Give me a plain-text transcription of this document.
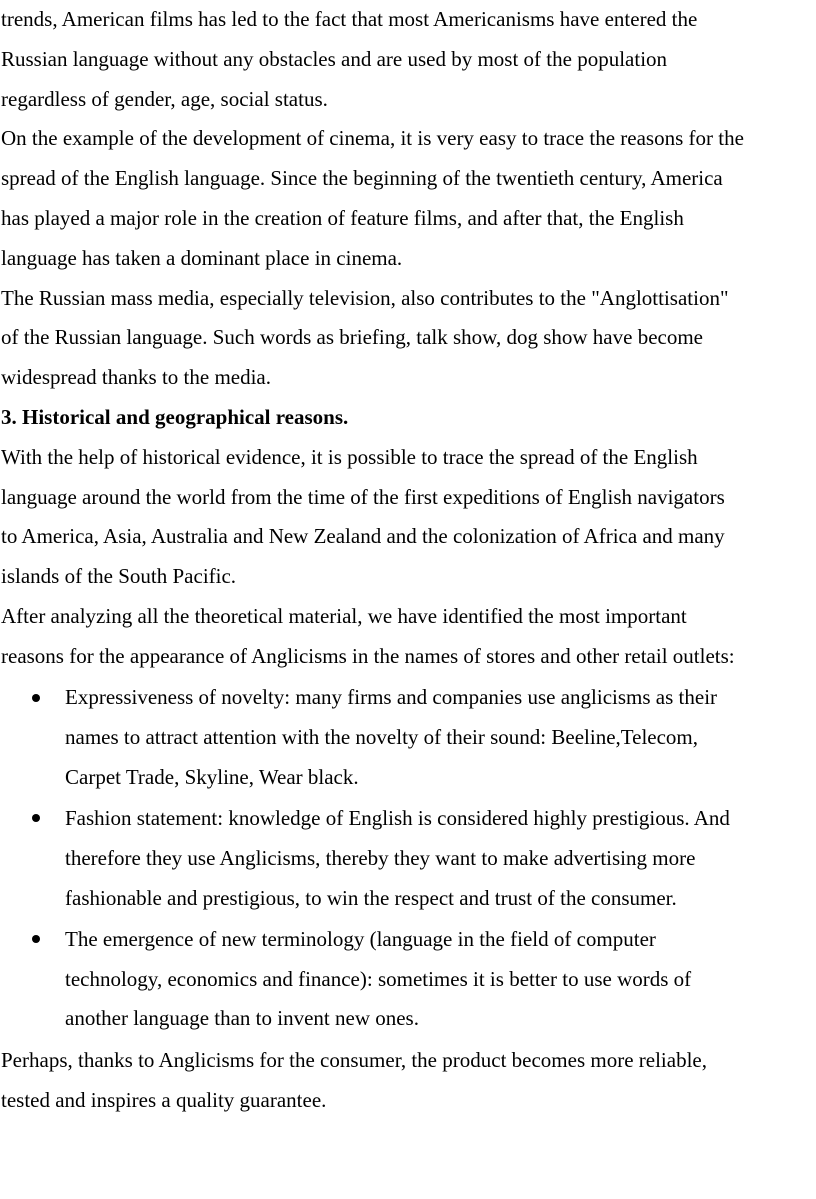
trends, American films has led to the fact that most Americanisms have entered the
Russian language without any obstacles and are used by most of the population
regardless of gender, age, social status.
On the example of the development of cinema, it is very easy to trace the reasons for the
spread of the English language. Since the beginning of the twentieth century, America
has played a major role in the creation of feature films, and after that, the English
language has taken a dominant place in cinema.
The Russian mass media, especially television, also contributes to the "Anglottisation"
of the Russian language. Such words as briefing, talk show, dog show have become
widespread thanks to the media.
3. Historical and geographical reasons.
With the help of historical evidence, it is possible to trace the spread of the English
language around the world from the time of the first expeditions of English navigators
to America, Asia, Australia and New Zealand and the colonization of Africa and many
islands of the South Pacific.
After analyzing all the theoretical material, we have identified the most important
reasons for the appearance of Anglicisms in the names of stores and other retail outlets:
Expressiveness of novelty: many firms and companies use anglicisms as their
names to attract attention with the novelty of their sound: Beeline,Telecom,
Carpet Trade, Skyline, Wear black.
Fashion statement: knowledge of English is considered highly prestigious. And
therefore they use Anglicisms, thereby they want to make advertising more
fashionable and prestigious, to win the respect and trust of the consumer.
The emergence of new terminology (language in the field of computer
technology, economics and finance): sometimes it is better to use words of
another language than to invent new ones.
Perhaps, thanks to Anglicisms for the consumer, the product becomes more reliable,
tested and inspires a quality guarantee.
